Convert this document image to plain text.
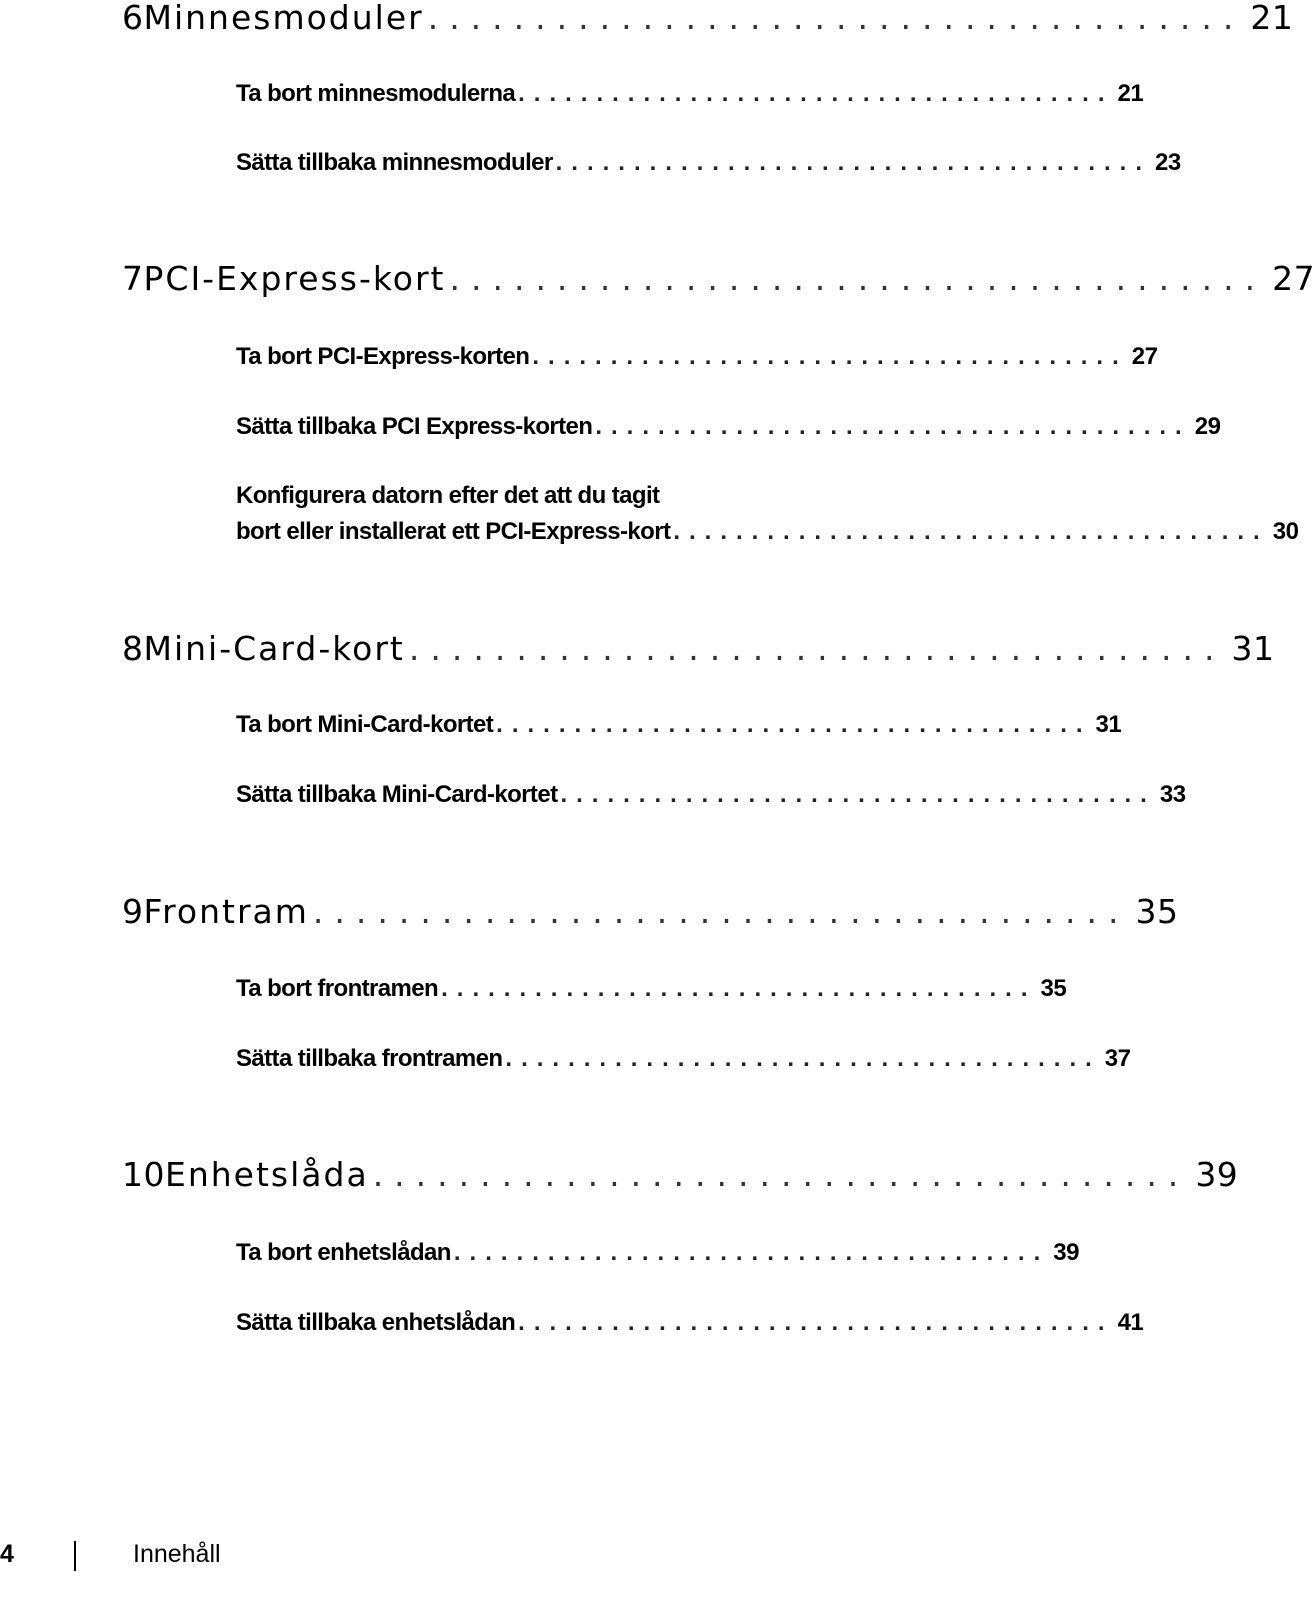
6 Minnesmoduler ...................................... 21
Ta bort minnesmodulerna ...................................... 21
Sätta tillbaka minnesmoduler ...................................... 23
7 PCI-Express-kort ...................................... 27
Ta bort PCI-Express-korten ...................................... 27
Sätta tillbaka PCI Express-korten ...................................... 29
Konfigurera datorn efter det att du tagit
bort eller installerat ett PCI-Express-kort ...................................... 30
8 Mini-Card-kort ...................................... 31
Ta bort Mini-Card-kortet ...................................... 31
Sätta tillbaka Mini-Card-kortet ...................................... 33
9 Frontram ...................................... 35
Ta bort frontramen ...................................... 35
Sätta tillbaka frontramen ...................................... 37
10 Enhetslåda ...................................... 39
Ta bort enhetslådan ...................................... 39
Sätta tillbaka enhetslådan ...................................... 41
4	Innehåll
